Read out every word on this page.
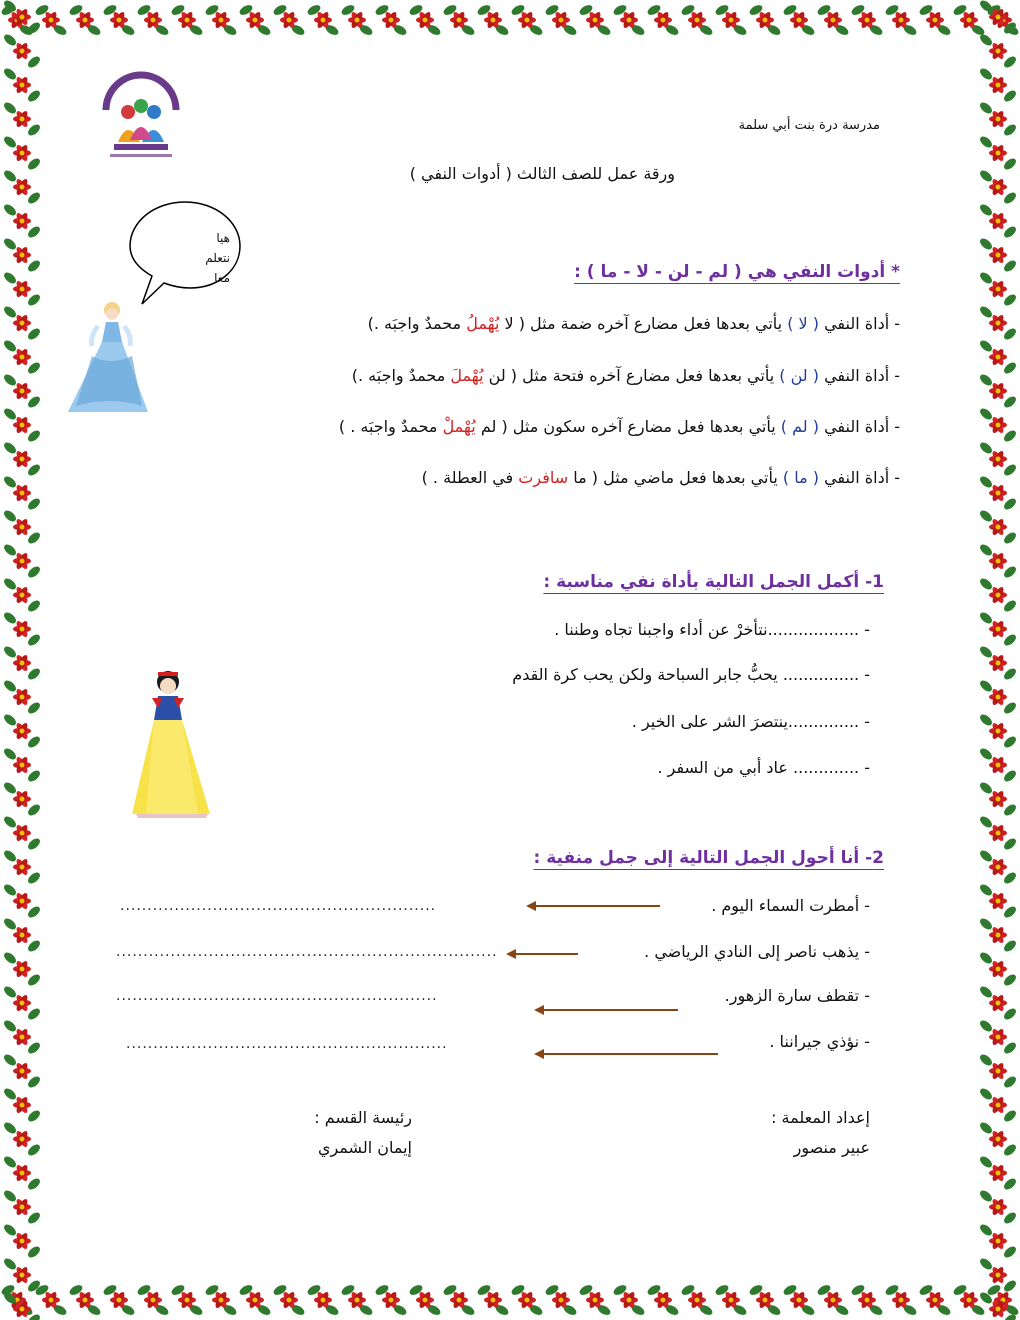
مدرسة درة بنت أبي سلمة
ورقة عمل للصف الثالث ( أدوات النفي )
هيا
نتعلم
معا	* أدوات النفي هي ( لم - لن - لا - ما ) :
- أداة النفي ( لا ) يأتي بعدها فعل مضارع آخره ضمة مثل ( لا يُهْملُ محمدٌ واجبَه .)
- أداة النفي ( لن ) يأتي بعدها فعل مضارع آخره فتحة مثل ( لن يُهْملَ محمدٌ واجبَه .)
- أداة النفي ( لم ) يأتي بعدها فعل مضارع آخره سكون مثل ( لم يُهْملْ محمدٌ واجبَه . )
- أداة النفي ( ما ) يأتي بعدها فعل ماضي مثل ( ما سافرت في العطلة . )
1- أكمل الجمل التالية بأداة نفي مناسبة :
- ..................نتأخرْ عن أداء واجبنا تجاه وطننا .
- ............... يحبُّ جابر السباحة ولكن يحب كرة القدم
- ..............ينتصرَ الشر على الخير .
- ............. عاد أبي من السفر .
2- أنا أحول الجمل التالية إلى جمل منفية :
- أمطرت السماء اليوم .
- يذهب ناصر إلى النادي الرياضي .
- تقطف سارة الزهور.
- نؤذي جيراننا .
..........................................................
......................................................................
...........................................................
...........................................................
إعداد المعلمة :
عبير منصور
رئيسة القسم :
إيمان الشمري
